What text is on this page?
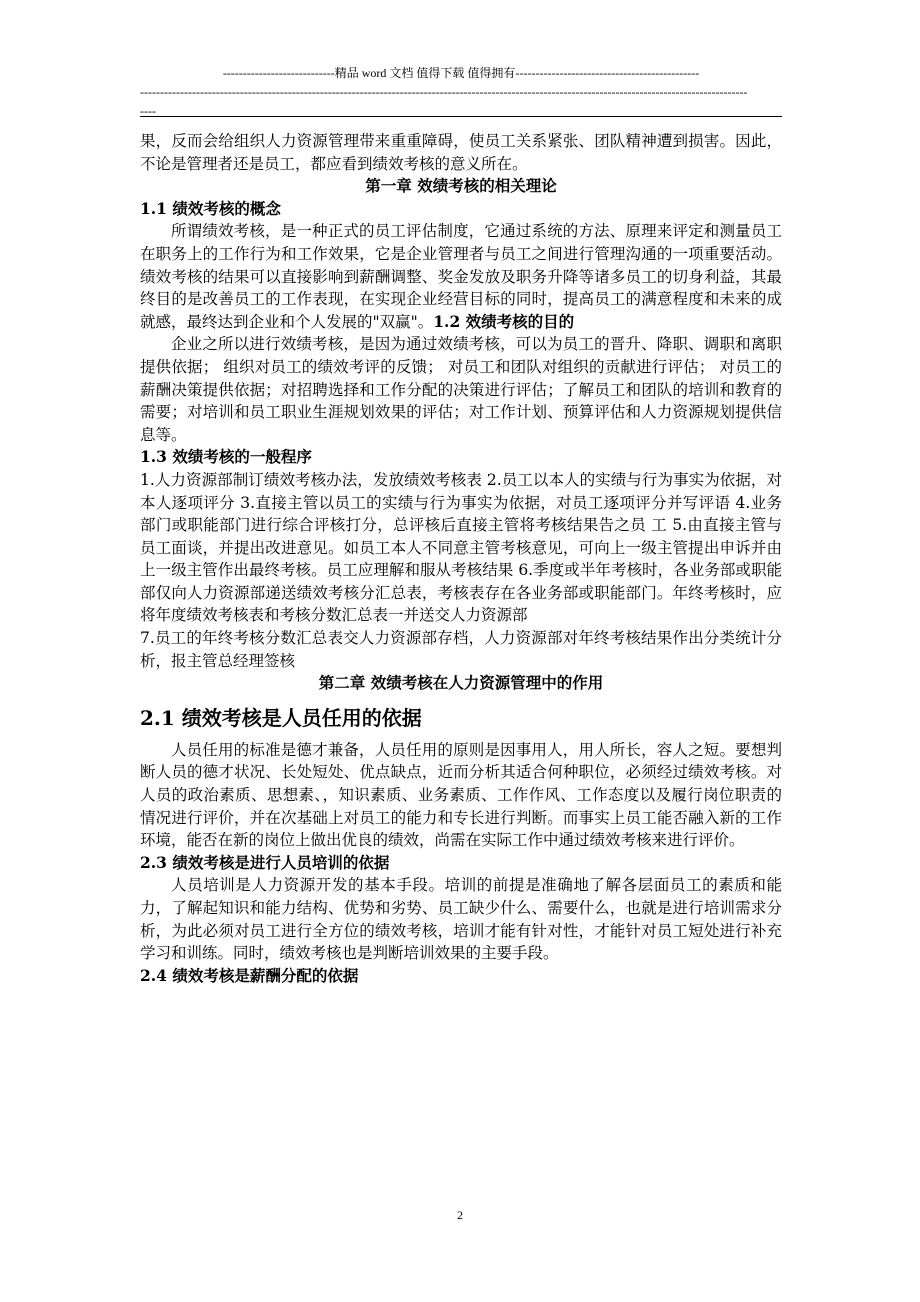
----------------------------精品 word 文档 值得下载 值得拥有----------------------------------------------
--------------------------------------------------------------------------------------------------------------------------------------------------------
----

果，反而会给组织人力资源管理带来重重障碍，使员工关系紧张、团队精神遭到损害。因此，不论是管理者还是员工，都应看到绩效考核的意义所在。

第一章 效绩考核的相关理论
1.1 绩效考核的概念

所谓绩效考核，是一种正式的员工评估制度，它通过系统的方法、原理来评定和测量员工在职务上的工作行为和工作效果，它是企业管理者与员工之间进行管理沟通的一项重要活动。绩效考核的结果可以直接影响到薪酬调整、奖金发放及职务升降等诸多员工的切身利益，其最终目的是改善员工的工作表现，在实现企业经营目标的同时，提高员工的满意程度和未来的成就感，最终达到企业和个人发展的"双赢"。1.2 效绩考核的目的

企业之所以进行效绩考核，是因为通过效绩考核，可以为员工的晋升、降职、调职和离职提供依据； 组织对员工的绩效考评的反馈； 对员工和团队对组织的贡献进行评估； 对员工的薪酬决策提供依据；对招聘选择和工作分配的决策进行评估；了解员工和团队的培训和教育的需要；对培训和员工职业生涯规划效果的评估；对工作计划、预算评估和人力资源规划提供信息等。

1.3 效绩考核的一般程序

1.人力资源部制订绩效考核办法，发放绩效考核表 2.员工以本人的实绩与行为事实为依据，对本人逐项评分 3.直接主管以员工的实绩与行为事实为依据，对员工逐项评分并写评语 4.业务部门或职能部门进行综合评核打分，总评核后直接主管将考核结果告之员 工 5.由直接主管与员工面谈，并提出改进意见。如员工本人不同意主管考核意见，可向上一级主管提出申诉并由上一级主管作出最终考核。员工应理解和服从考核结果 6.季度或半年考核时，各业务部或职能部仅向人力资源部递送绩效考核分汇总表，考核表存在各业务部或职能部门。年终考核时，应将年度绩效考核表和考核分数汇总表一并送交人力资源部

7.员工的年终考核分数汇总表交人力资源部存档，人力资源部对年终考核结果作出分类统计分析，报主管总经理签核

第二章 效绩考核在人力资源管理中的作用
2.1 绩效考核是人员任用的依据

人员任用的标准是德才兼备，人员任用的原则是因事用人，用人所长，容人之短。要想判断人员的德才状况、长处短处、优点缺点，近而分析其适合何种职位，必须经过绩效考核。对人员的政治素质、思想素、，知识素质、业务素质、工作作风、工作态度以及履行岗位职责的情况进行评价，并在次基础上对员工的能力和专长进行判断。而事实上员工能否融入新的工作环境，能否在新的岗位上做出优良的绩效，尚需在实际工作中通过绩效考核来进行评价。

2.3 绩效考核是进行人员培训的依据

人员培训是人力资源开发的基本手段。培训的前提是准确地了解各层面员工的素质和能力，了解起知识和能力结构、优势和劣势、员工缺少什么、需要什么，也就是进行培训需求分析，为此必须对员工进行全方位的绩效考核，培训才能有针对性，才能针对员工短处进行补充学习和训练。同时，绩效考核也是判断培训效果的主要手段。

2.4 绩效考核是薪酬分配的依据
2
